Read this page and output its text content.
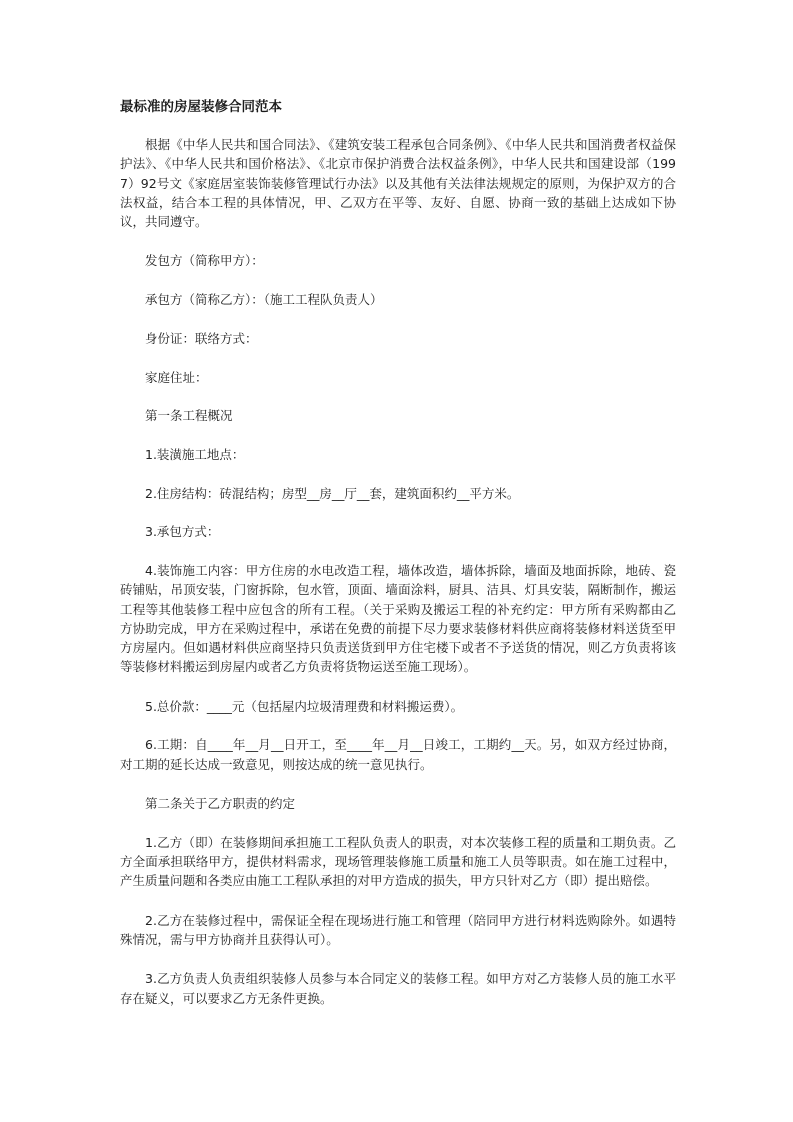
最标准的房屋装修合同范本
根据《中华人民共和国合同法》、《建筑安装工程承包合同条例》、《中华人民共和国消费者权益保护法》、《中华人民共和国价格法》、《北京市保护消费合法权益条例》，中华人民共和国建设部（1997）92号文《家庭居室装饰装修管理试行办法》以及其他有关法律法规规定的原则，为保护双方的合法权益，结合本工程的具体情况，甲、乙双方在平等、友好、自愿、协商一致的基础上达成如下协议，共同遵守。
发包方（简称甲方）：
承包方（简称乙方）：（施工工程队负责人）
身份证：联络方式：
家庭住址：
第一条工程概况
1.装潢施工地点：
2.住房结构：砖混结构；房型__房__厅__套，建筑面积约__平方米。
3.承包方式：
4.装饰施工内容：甲方住房的水电改造工程，墙体改造，墙体拆除，墙面及地面拆除，地砖、瓷砖铺贴，吊顶安装，门窗拆除，包水管，顶面、墙面涂料，厨具、洁具、灯具安装，隔断制作，搬运工程等其他装修工程中应包含的所有工程。（关于采购及搬运工程的补充约定：甲方所有采购都由乙方协助完成，甲方在采购过程中，承诺在免费的前提下尽力要求装修材料供应商将装修材料送货至甲方房屋内。但如遇材料供应商坚持只负责送货到甲方住宅楼下或者不予送货的情况，则乙方负责将该等装修材料搬运到房屋内或者乙方负责将货物运送至施工现场）。
5.总价款：____元（包括屋内垃圾清理费和材料搬运费）。
6.工期：自____年__月__日开工，至____年__月__日竣工，工期约__天。另，如双方经过协商，对工期的延长达成一致意见，则按达成的统一意见执行。
第二条关于乙方职责的约定
1.乙方（即）在装修期间承担施工工程队负责人的职责，对本次装修工程的质量和工期负责。乙方全面承担联络甲方，提供材料需求，现场管理装修施工质量和施工人员等职责。如在施工过程中，产生质量问题和各类应由施工工程队承担的对甲方造成的损失，甲方只针对乙方（即）提出赔偿。
2.乙方在装修过程中，需保证全程在现场进行施工和管理（陪同甲方进行材料选购除外。如遇特殊情况，需与甲方协商并且获得认可）。
3.乙方负责人负责组织装修人员参与本合同定义的装修工程。如甲方对乙方装修人员的施工水平存在疑义，可以要求乙方无条件更换。
